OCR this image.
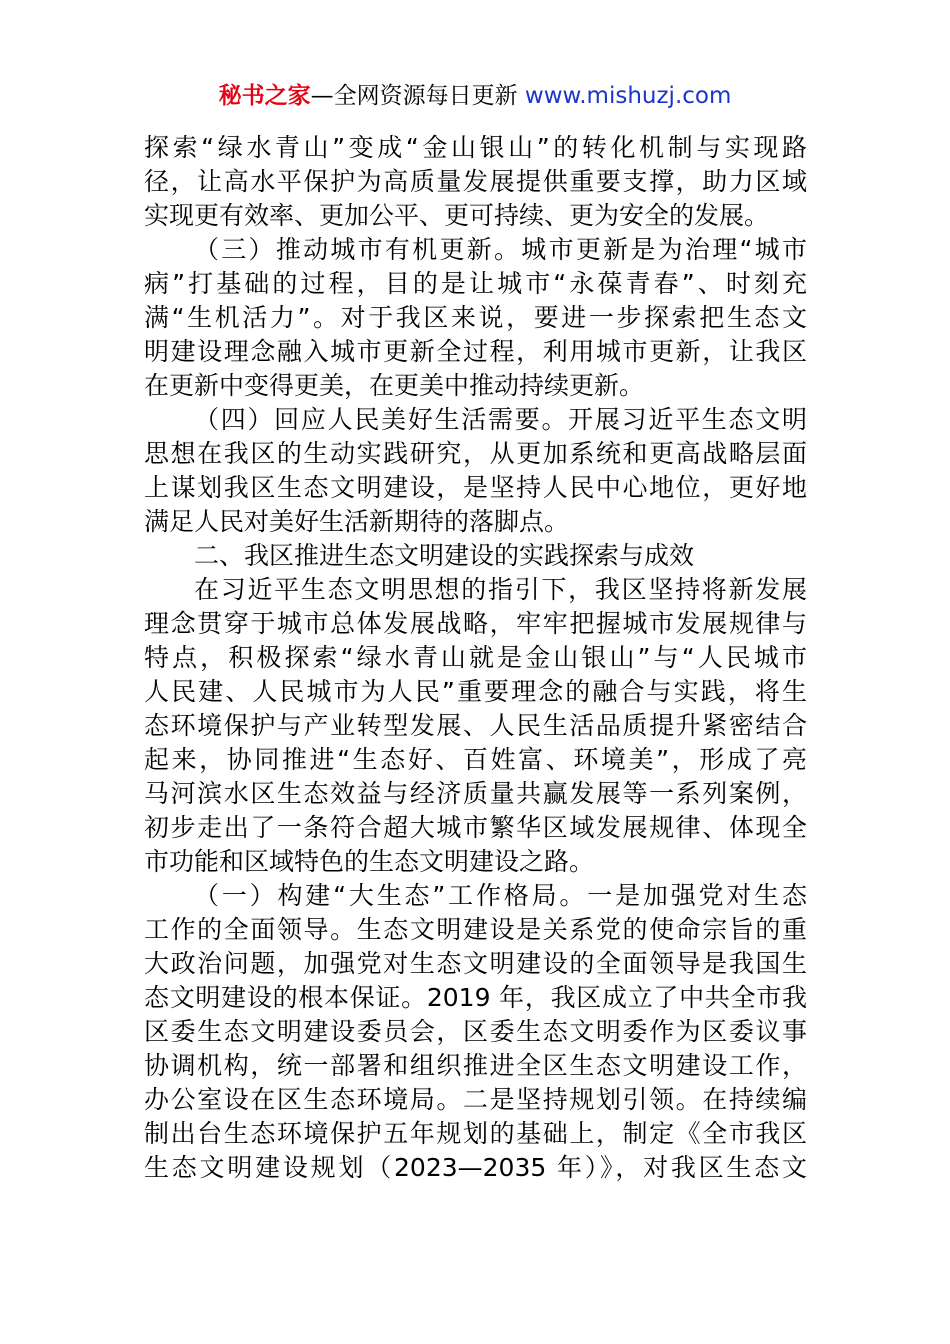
秘书之家—全网资源每日更新 www.mishuzj.com
探索“绿水青山”变成“金山银山”的转化机制与实现路
径，让高水平保护为高质量发展提供重要支撑，助力区域
实现更有效率、更加公平、更可持续、更为安全的发展。
（三）推动城市有机更新。城市更新是为治理“城市
病”打基础的过程，目的是让城市“永葆青春”、时刻充
满“生机活力”。对于我区来说，要进一步探索把生态文
明建设理念融入城市更新全过程，利用城市更新，让我区
在更新中变得更美，在更美中推动持续更新。
（四）回应人民美好生活需要。开展习近平生态文明
思想在我区的生动实践研究，从更加系统和更高战略层面
上谋划我区生态文明建设，是坚持人民中心地位，更好地
满足人民对美好生活新期待的落脚点。
二、我区推进生态文明建设的实践探索与成效
在习近平生态文明思想的指引下，我区坚持将新发展
理念贯穿于城市总体发展战略，牢牢把握城市发展规律与
特点，积极探索“绿水青山就是金山银山”与“人民城市
人民建、人民城市为人民”重要理念的融合与实践，将生
态环境保护与产业转型发展、人民生活品质提升紧密结合
起来，协同推进“生态好、百姓富、环境美”，形成了亮
马河滨水区生态效益与经济质量共赢发展等一系列案例，
初步走出了一条符合超大城市繁华区域发展规律、体现全
市功能和区域特色的生态文明建设之路。
（一）构建“大生态”工作格局。一是加强党对生态
工作的全面领导。生态文明建设是关系党的使命宗旨的重
大政治问题，加强党对生态文明建设的全面领导是我国生
态文明建设的根本保证。2019 年，我区成立了中共全市我
区委生态文明建设委员会，区委生态文明委作为区委议事
协调机构，统一部署和组织推进全区生态文明建设工作，
办公室设在区生态环境局。二是坚持规划引领。在持续编
制出台生态环境保护五年规划的基础上，制定《全市我区
生态文明建设规划（2023—2035 年）》，对我区生态文
